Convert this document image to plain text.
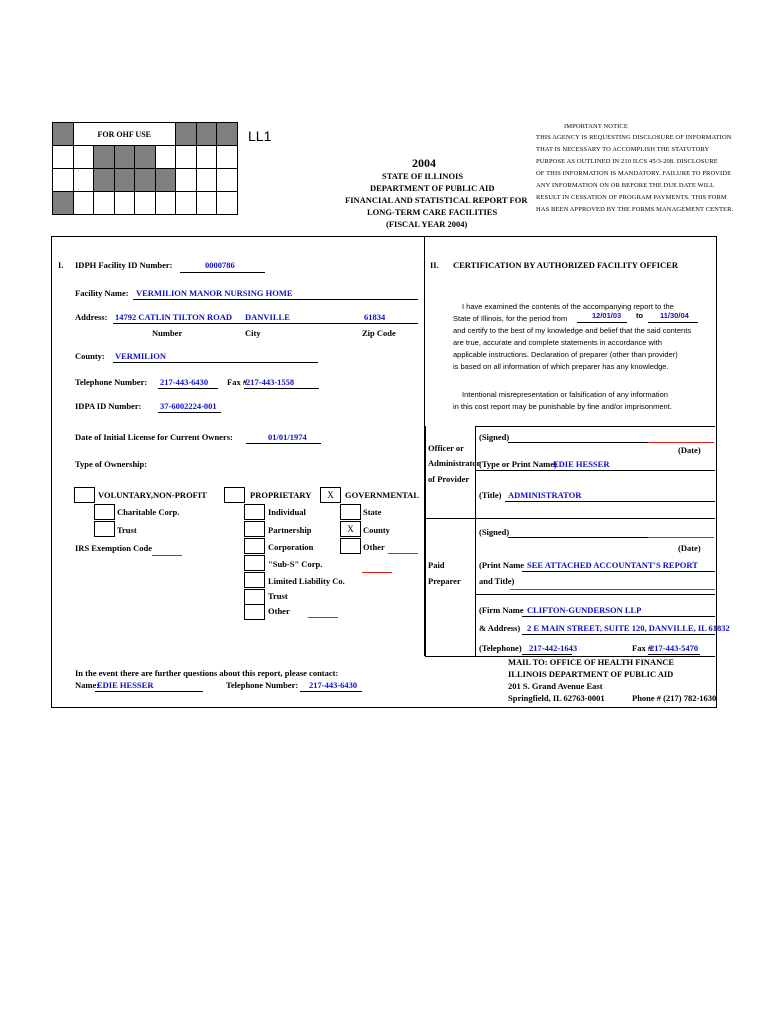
	FOR OHF USE							

									LL1
2004
STATE OF ILLINOIS
DEPARTMENT OF PUBLIC AID
FINANCIAL AND STATISTICAL REPORT FOR
LONG-TERM CARE FACILITIES
(FISCAL YEAR 2004)
IMPORTANT NOTICE
THIS AGENCY IS REQUESTING DISCLOSURE OF INFORMATION
THAT IS NECESSARY TO ACCOMPLISH THE STATUTORY
PURPOSE AS OUTLINED IN 210 ILCS 45/3-208. DISCLOSURE
OF THIS INFORMATION IS MANDATORY. FAILURE TO PROVIDE
ANY INFORMATION ON OR BEFORE THE DUE DATE WILL
RESULT IN CESSATION OF PROGRAM PAYMENTS. THIS FORM
HAS BEEN APPROVED BY THE FORMS MANAGEMENT CENTER.
I. IDPH Facility ID Number:	0000786
Facility Name: VERMILION MANOR NURSING HOME
Address: 14792 CATLIN TILTON ROAD DANVILLE	61834
Number	City	Zip Code
County: VERMILION
Telephone Number: 217-443-6430 Fax #
217-443-1558
IDPA ID Number: 37-6002224-001
Date of Initial License for Current Owners:	01/01/1974
Type of Ownership:
VOLUNTARY,NON-PROFIT
Charitable Corp.
Trust
IRS Exemption Code
PROPRIETARY
Individual
Partnership
Corporation
"Sub-S" Corp.
Limited Liability Co.
Trust
Other
X	GOVERNMENTAL
State
X	County
Other
In the event there are further questions about this report, please contact:
Name:
EDIE HESSER	Telephone Number: 217-443-6430
II. CERTIFICATION BY AUTHORIZED FACILITY OFFICER
I have examined the contents of the accompanying report to the
State of Illinois, for the period from	12/01/03 to 11/30/04
and certify to the best of my knowledge and belief that the said contents
are true, accurate and complete statements in accordance with
applicable instructions. Declaration of preparer (other than provider)
is based on all information of which preparer has any knowledge.
Intentional misrepresentation or falsification of any information
in this cost report may be punishable by fine and/or imprisonment.
Officer or
Administrator
of Provider
(Signed)
(Date)
(Type or Print Name)
EDIE HESSER
(Title) ADMINISTRATOR
(Signed)
(Date)
Paid
Preparer
(Print Name SEE ATTACHED ACCOUNTANT'S REPORT
and Title)
(Firm Name CLIFTON-GUNDERSON LLP
& Address) 2 E MAIN STREET, SUITE 120, DANVILLE, IL 61832
(Telephone) 217-442-1643	Fax #
217-443-5470
MAIL TO: OFFICE OF HEALTH FINANCE
ILLINOIS DEPARTMENT OF PUBLIC AID
201 S. Grand Avenue East
Springfield, IL 62763-0001	Phone # (217) 782-1630
